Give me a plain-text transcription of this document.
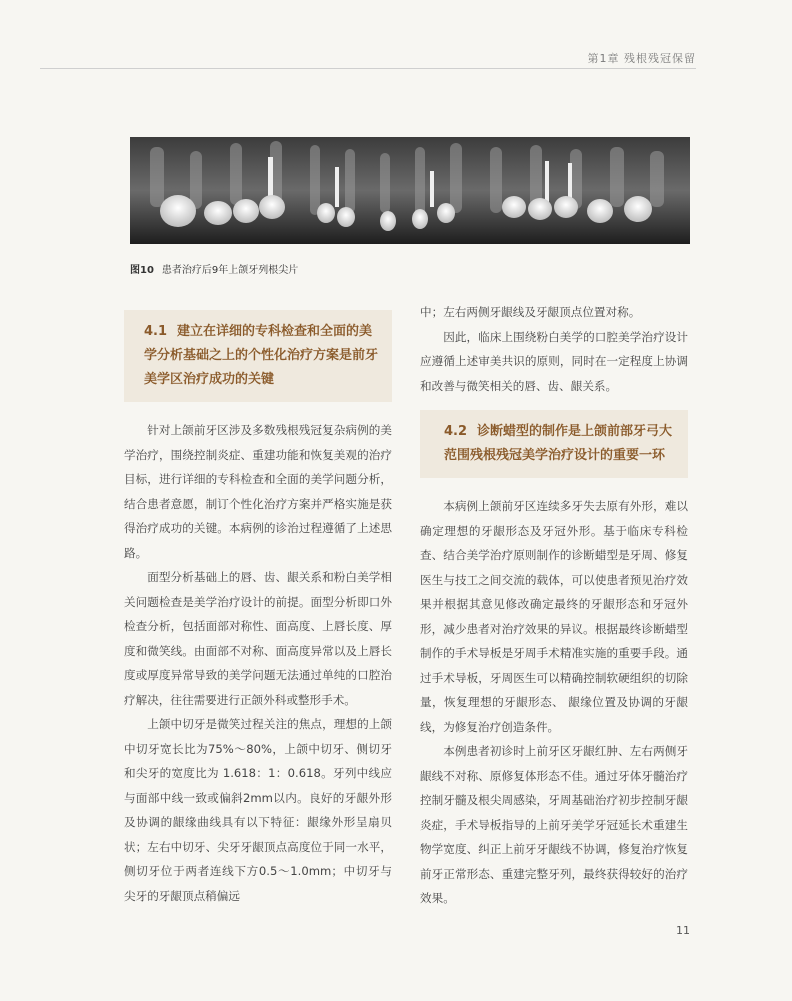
第1章 残根残冠保留
图10 患者治疗后9年上颌牙列根尖片
4.1 建立在详细的专科检查和全面的美学分析基础之上的个性化治疗方案是前牙美学区治疗成功的关键

针对上颌前牙区涉及多数残根残冠复杂病例的美学治疗，围绕控制炎症、重建功能和恢复美观的治疗目标，进行详细的专科检查和全面的美学问题分析，结合患者意愿，制订个性化治疗方案并严格实施是获得治疗成功的关键。本病例的诊治过程遵循了上述思路。

面型分析基础上的唇、齿、龈关系和粉白美学相关问题检查是美学治疗设计的前提。面型分析即口外检查分析，包括面部对称性、面高度、上唇长度、厚度和微笑线。由面部不对称、面高度异常以及上唇长度或厚度异常导致的美学问题无法通过单纯的口腔治疗解决，往往需要进行正颌外科或整形手术。

上颌中切牙是微笑过程关注的焦点，理想的上颌中切牙宽长比为75%～80%，上颌中切牙、侧切牙和尖牙的宽度比为 1.618：1：0.618。牙列中线应与面部中线一致或偏斜2mm以内。良好的牙龈外形及协调的龈缘曲线具有以下特征：龈缘外形呈扇贝状；左右中切牙、尖牙牙龈顶点高度位于同一水平，侧切牙位于两者连线下方0.5～1.0mm；中切牙与尖牙的牙龈顶点稍偏远

中；左右两侧牙龈线及牙龈顶点位置对称。

因此，临床上围绕粉白美学的口腔美学治疗设计应遵循上述审美共识的原则，同时在一定程度上协调和改善与微笑相关的唇、齿、龈关系。

4.2 诊断蜡型的制作是上颌前部牙弓大范围残根残冠美学治疗设计的重要一环

本病例上颌前牙区连续多牙失去原有外形，难以确定理想的牙龈形态及牙冠外形。基于临床专科检查、结合美学治疗原则制作的诊断蜡型是牙周、修复医生与技工之间交流的载体，可以使患者预见治疗效果并根据其意见修改确定最终的牙龈形态和牙冠外形，减少患者对治疗效果的异议。根据最终诊断蜡型制作的手术导板是牙周手术精准实施的重要手段。通过手术导板，牙周医生可以精确控制软硬组织的切除量，恢复理想的牙龈形态、 龈缘位置及协调的牙龈线，为修复治疗创造条件。

本例患者初诊时上前牙区牙龈红肿、左右两侧牙龈线不对称、原修复体形态不佳。通过牙体牙髓治疗控制牙髓及根尖周感染，牙周基础治疗初步控制牙龈炎症，手术导板指导的上前牙美学牙冠延长术重建生物学宽度、纠正上前牙牙龈线不协调，修复治疗恢复前牙正常形态、重建完整牙列，最终获得较好的治疗效果。

11
